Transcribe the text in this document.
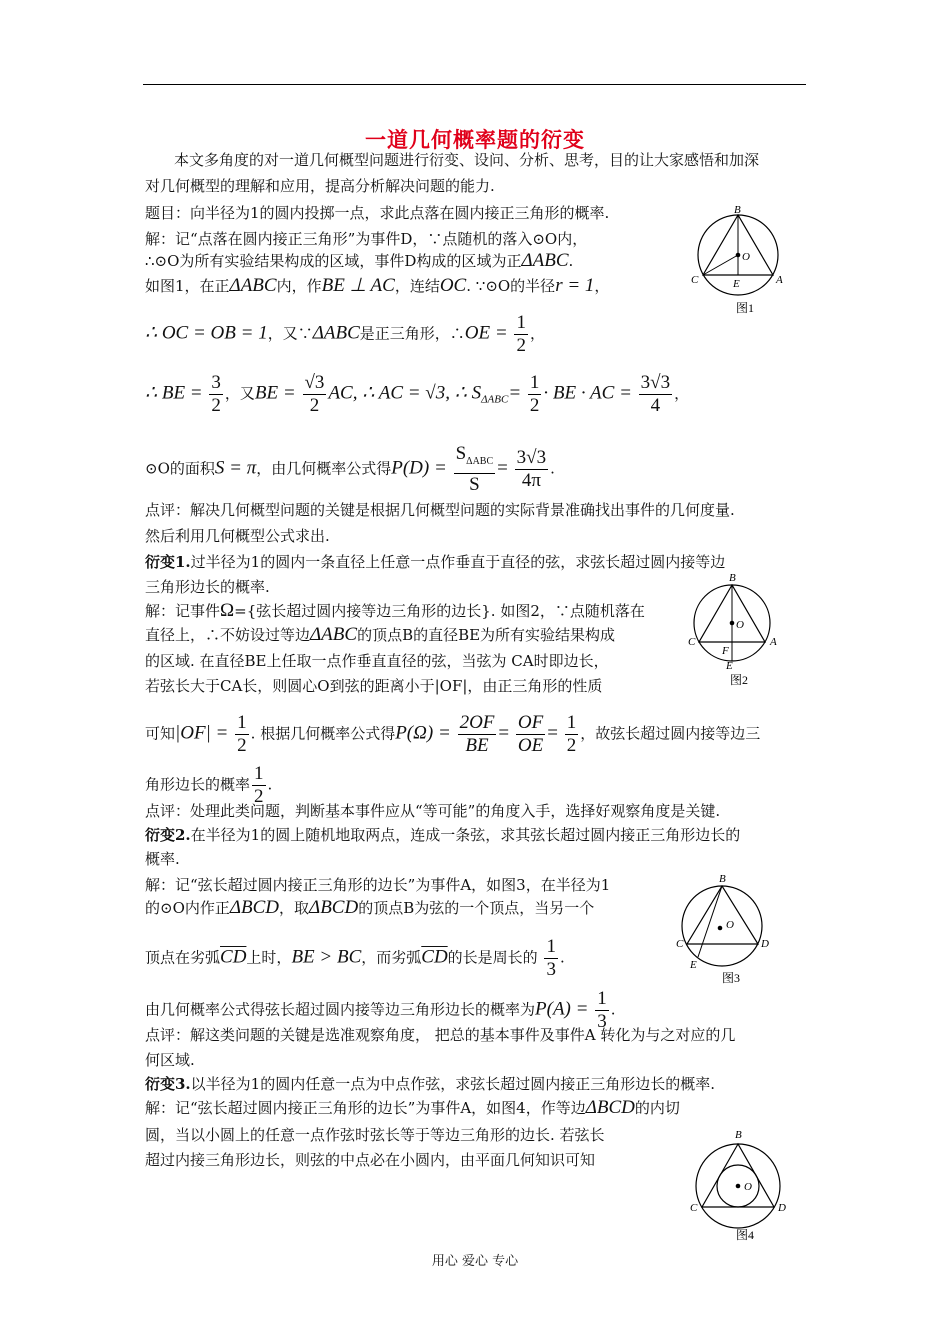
一道几何概率题的衍变
本文多角度的对一道几何概型问题进行衍变、设问、分析、思考，目的让大家感悟和加深
对几何概型的理解和应用，提高分析解决问题的能力.
题目：向半径为1的圆内投掷一点，求此点落在圆内接正三角形的概率.
解：记“点落在圆内接正三角形”为事件D，∵点随机的落入⊙O内，
∴⊙O为所有实验结果构成的区域，事件D构成的区域为正ΔABC.
如图1，在正ΔABC内，作BE ⊥ AC，连结OC. ∵⊙O的半径r = 1，
∴ OC = OB = 1，又∵ΔABC是正三角形，∴OE = $\frac{1}{2}$ ，
∴ BE = $\frac{3}{2}$ ，又BE = $\frac{√3}{2}$ AC, ∴ AC = √3, ∴ $S_{\Delta ABC}= \frac{1}{2}$ · BE · AC = $\frac{3√3}{4}$ ，
⊙O的面积S = π，由几何概率公式得$P(D) = \frac{S_{\Delta ABC}}{S} = \frac{3√3}{4\pi}$ .
点评：解决几何概型问题的关键是根据几何概型问题的实际背景准确找出事件的几何度量.
然后利用几何概型公式求出.
衍变1.过半径为1的圆内一条直径上任意一点作垂直于直径的弦，求弦长超过圆内接等边
三角形边长的概率.
解：记事件Ω={弦长超过圆内接等边三角形的边长}. 如图2，∵点随机落在
直径上，∴不妨设过等边ΔABC的顶点B的直径BE为所有实验结果构成
的区域. 在直径BE上任取一点作垂直直径的弦，当弦为 CA时即边长，
若弦长大于CA长，则圆心O到弦的距离小于|OF|，由正三角形的性质
可知$|OF| = \frac{1}{2}$ . 根据几何概率公式得$P(\Omega) = \frac{2OF}{BE} = \frac{OF}{OE} = \frac{1}{2}$ ，故弦长超过圆内接等边三
角形边长的概率 $\frac{1}{2}$ .
点评：处理此类问题，判断基本事件应从“等可能”的角度入手，选择好观察角度是关键.
衍变2.在半径为1的圆上随机地取两点，连成一条弦，求其弦长超过圆内接正三角形边长的
概率.
解：记“弦长超过圆内接正三角形的边长”为事件A，如图3，在半径为1
的⊙O内作正ΔBCD，取ΔBCD的顶点B为弦的一个顶点，当另一个
顶点在劣弧$\overline{CD}$上时，BE > BC，而劣弧$\overline{CD}$的长是周长的 $\frac{1}{3}$ .
由几何概率公式得弦长超过圆内接等边三角形边长的概率为$P(A) = \frac{1}{3}$ .
点评：解这类问题的关键是选准观察角度， 把总的基本事件及事件A 转化为与之对应的几
何区域.
衍变3.以半径为1的圆内任意一点为中点作弦，求弦长超过圆内接正三角形边长的概率.
解：记“弦长超过圆内接正三角形的边长”为事件A，如图4，作等边ΔBCD的内切
圆，当以小圆上的任意一点作弦时弦长等于等边三角形的边长. 若弦长
超过内接三角形边长，则弦的中点必在小圆内，由平面几何知识可知
B
C	A
E
O
图1
B
C	A
F
E
O
图2
B
C	D
E
O
图3
B
C	D
O
图4
用心 爱心 专心
